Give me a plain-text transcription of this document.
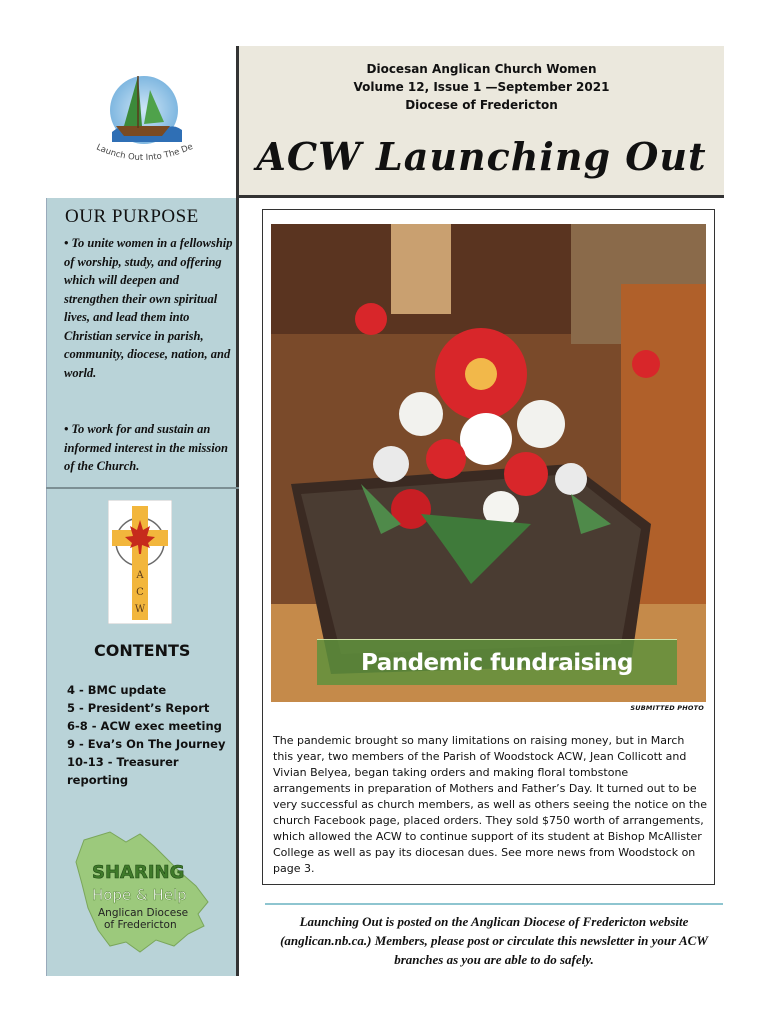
Diocesan Anglican Church Women
Volume 12, Issue 1 —September 2021
Diocese of Fredericton
ACW Launching Out
Launch Out Into The De
OUR PURPOSE

• To unite women in a fellowship of worship, study, and offering which will deepen and strengthen their own spiritual lives, and lead them into Christian service in parish, community, diocese, nation, and world.

• To work for and sustain an informed interest in the mission of the Church.

A
C
W
CONTENTS
4 - BMC update
5 - President’s Report
6-8 - ACW exec meeting
9 - Eva’s On The Journey
10-13 - Treasurer reporting
SHARING
Hope & Help
Anglican Diocese
of Fredericton
Pandemic fundraising
SUBMITTED PHOTO

The pandemic brought so many limitations on raising money, but in March this year, two members of the Parish of Woodstock ACW, Jean Collicott and Vivian Belyea, began taking orders and making floral tombstone arrangements in preparation of Mothers and Father’s Day. It turned out to be very successful as church members, as well as others seeing the notice on the church Facebook page, placed orders. They sold $750 worth of arrangements, which allowed the ACW to continue support of its student at Bishop McAllister College as well as pay its diocesan dues. See more news from Woodstock on page 3.

Launching Out is posted on the Anglican Diocese of Fredericton website (anglican.nb.ca.) Members, please post or circulate this newsletter in your ACW branches as you are able to do safely.
